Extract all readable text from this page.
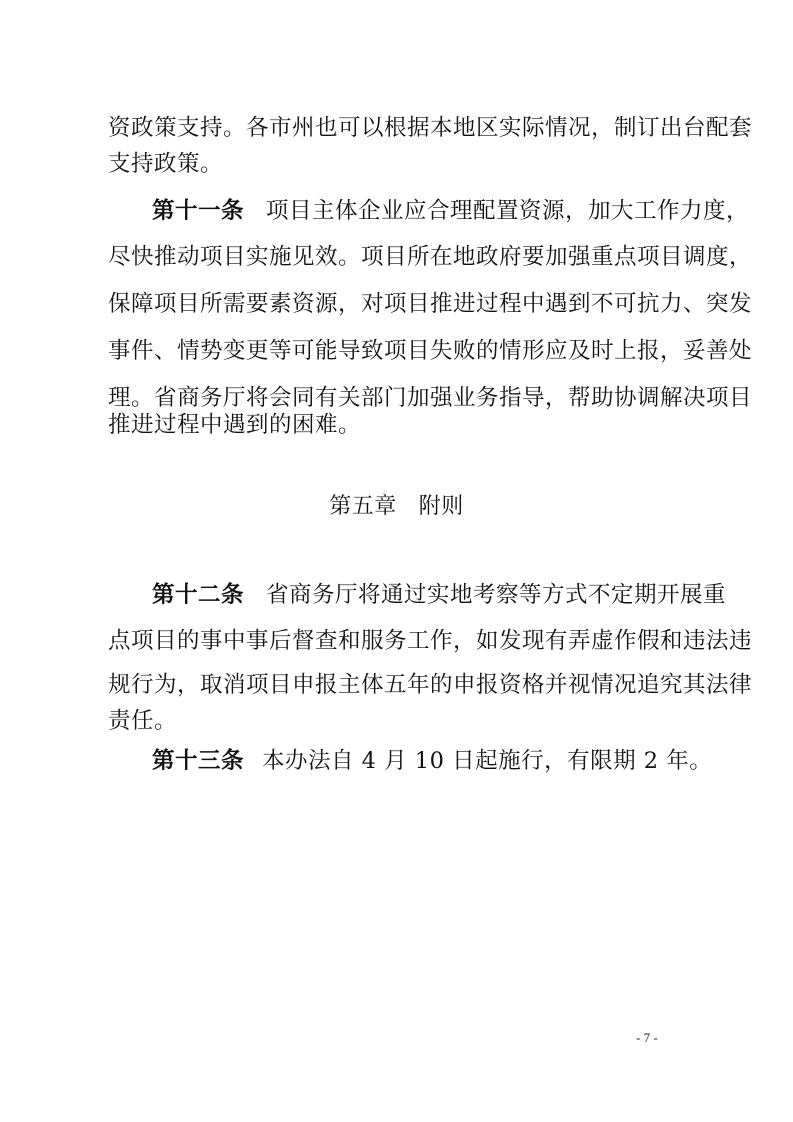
资政策支持。各市州也可以根据本地区实际情况，制订出台配套
支持政策。
第十一条 项目主体企业应合理配置资源，加大工作力度，
尽快推动项目实施见效。项目所在地政府要加强重点项目调度，
保障项目所需要素资源，对项目推进过程中遇到不可抗力、突发
事件、情势变更等可能导致项目失败的情形应及时上报，妥善处
理。省商务厅将会同有关部门加强业务指导，帮助协调解决项目
推进过程中遇到的困难。
第五章 附则
第十二条 省商务厅将通过实地考察等方式不定期开展重
点项目的事中事后督查和服务工作，如发现有弄虚作假和违法违
规行为，取消项目申报主体五年的申报资格并视情况追究其法律
责任。
第十三条 本办法自 4 月 10 日起施行，有限期 2 年。
- 7 -
